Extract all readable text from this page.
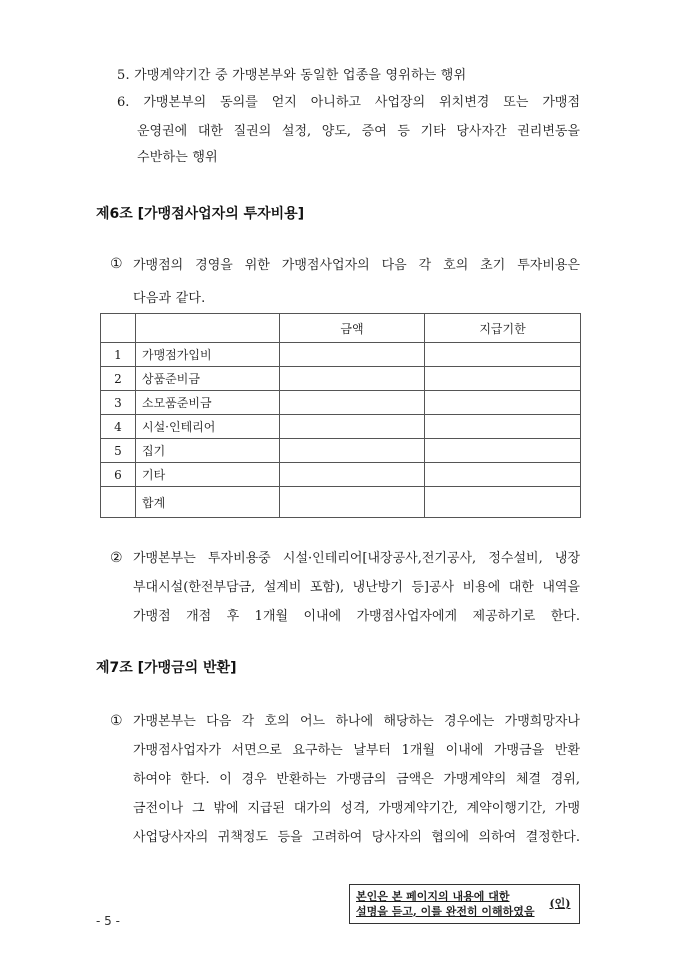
5. 가맹계약기간 중 가맹본부와 동일한 업종을 영위하는 행위
6. 가맹본부의 동의를 얻지 아니하고 사업장의 위치변경 또는 가맹점
운영권에 대한 질권의 설정, 양도, 증여 등 기타 당사자간 권리변동을
수반하는 행위
제6조 [가맹점사업자의 투자비용]
① 가맹점의 경영을 위한 가맹점사업자의 다음 각 호의 초기 투자비용은
다음과 같다.
		금액	지급기한
1	가맹점가입비		
2	상품준비금		
3	소모품준비금		
4	시설·인테리어		
5	집기		
6	기타		
	합계		
② 가맹본부는 투자비용중 시설·인테리어[내장공사,전기공사, 정수설비, 냉장
부대시설(한전부담금, 설계비 포함), 냉난방기 등]공사 비용에 대한 내역을
가맹점 개점 후 1개월 이내에 가맹점사업자에게 제공하기로 한다.
제7조 [가맹금의 반환]
① 가맹본부는 다음 각 호의 어느 하나에 해당하는 경우에는 가맹희망자나
가맹점사업자가 서면으로 요구하는 날부터 1개월 이내에 가맹금을 반환
하여야 한다. 이 경우 반환하는 가맹금의 금액은 가맹계약의 체결 경위,
금전이나 그 밖에 지급된 대가의 성격, 가맹계약기간, 계약이행기간, 가맹
사업당사자의 귀책정도 등을 고려하여 당사자의 협의에 의하여 결정한다.
- 5 -
본인은 본 페이지의 내용에 대한
설명을 듣고, 이를 완전히 이해하였음
(인)
